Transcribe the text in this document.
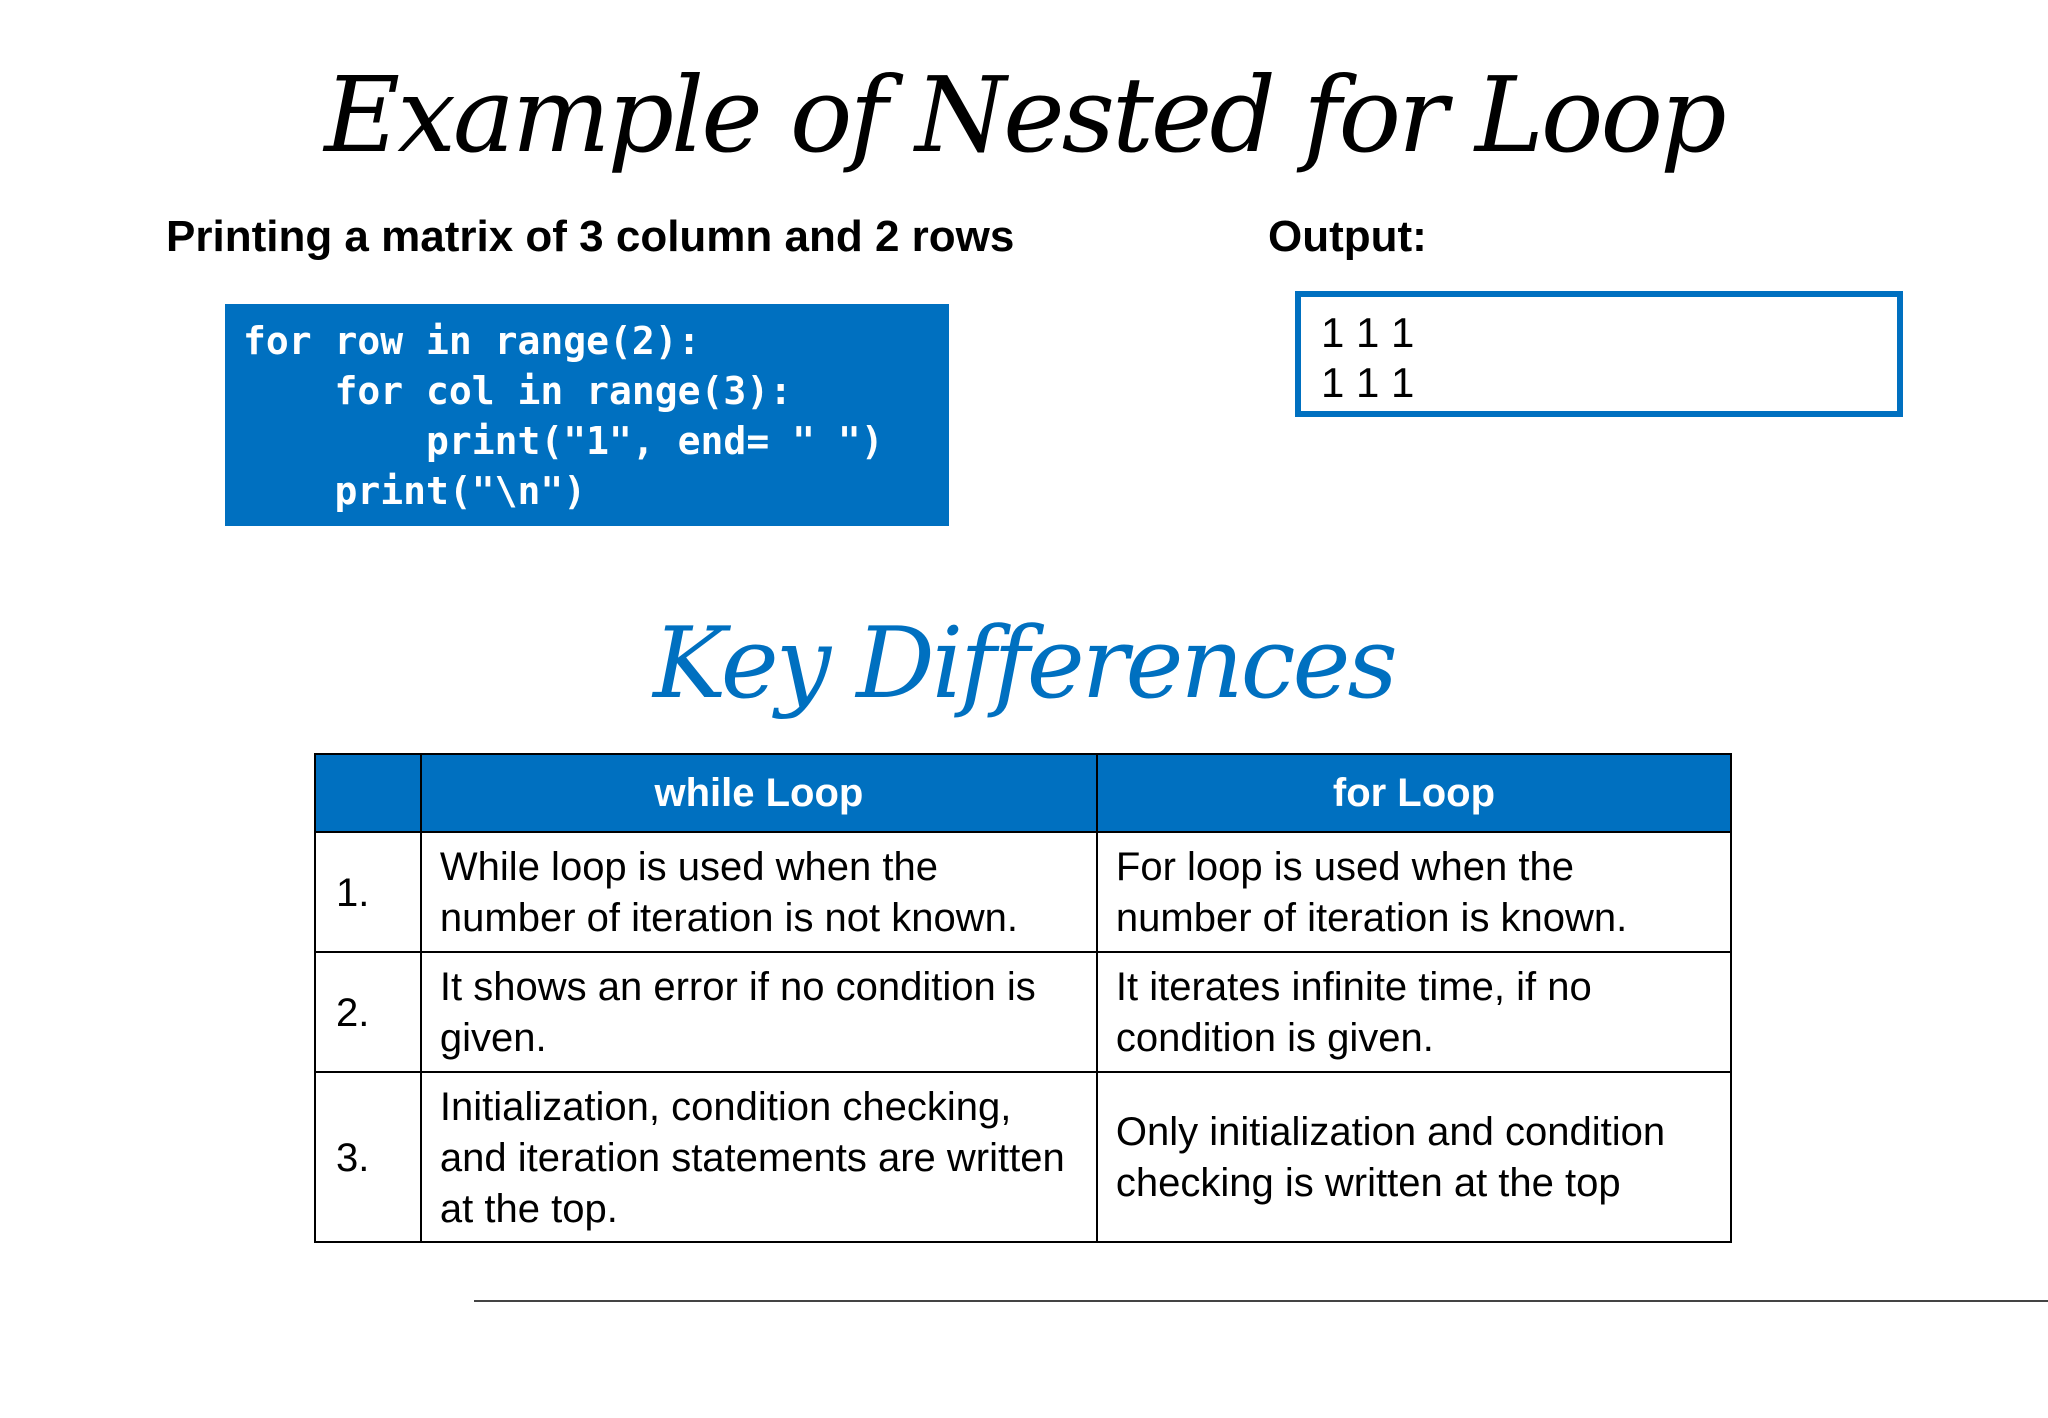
Example of Nested for Loop
Printing a matrix of 3 column and 2 rows
for row in range(2):
for col in range(3):
print("1", end= " ")
print("\n")
Output:
1 1 1
1 1 1
Key Differences
	while Loop	for Loop
1.	While loop is used when the number of iteration is not known.	For loop is used when the number of iteration is known.
2.	It shows an error if no condition is given.	It iterates infinite time, if no condition is given.
3.	Initialization, condition checking, and iteration statements are written at the top.	Only initialization and condition checking is written at the top
